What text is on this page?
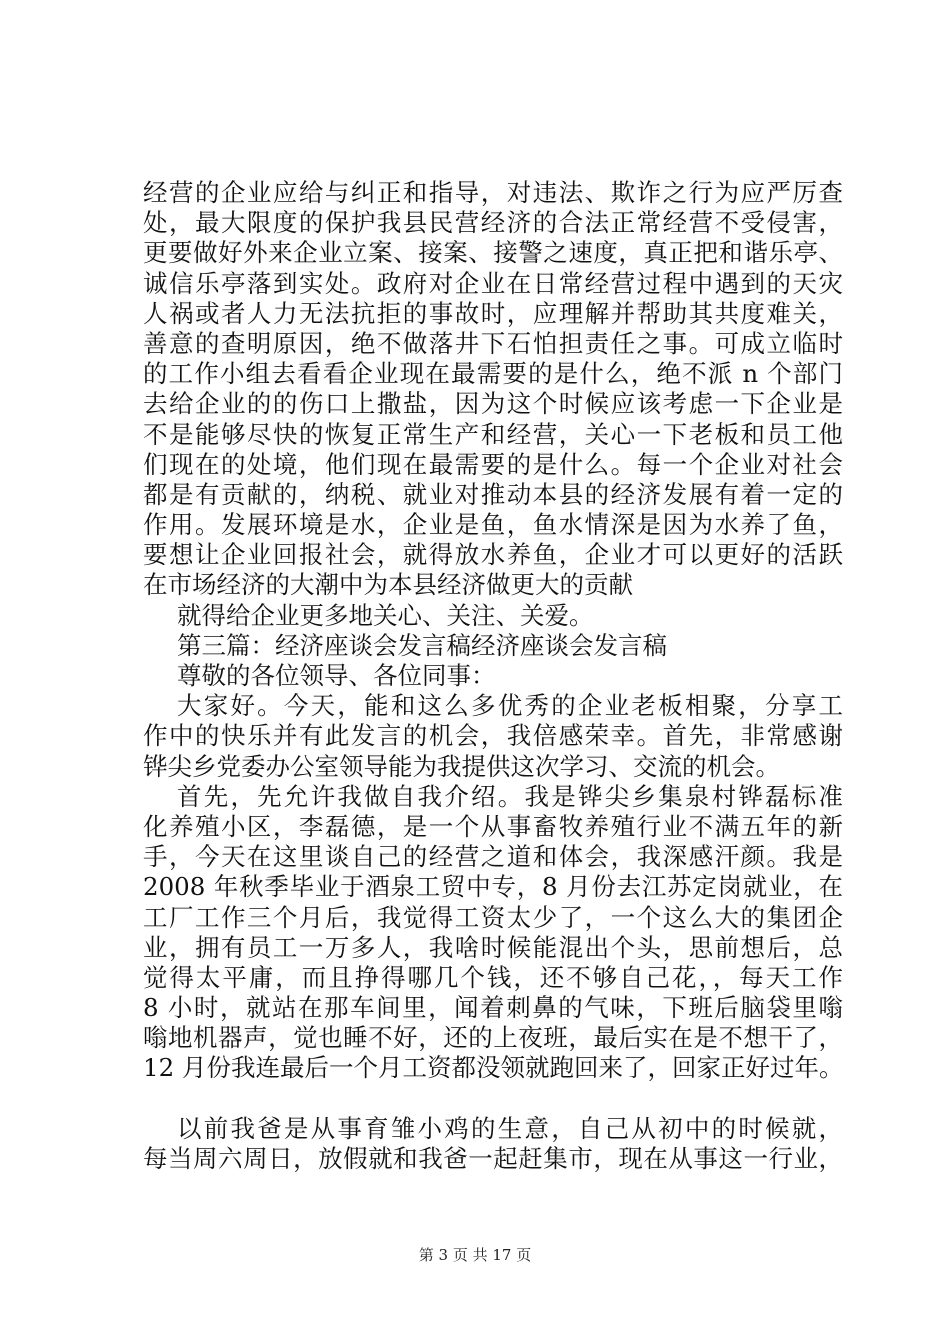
经营的企业应给与纠正和指导，对违法、欺诈之行为应严厉查
处，最大限度的保护我县民营经济的合法正常经营不受侵害，
更要做好外来企业立案、接案、接警之速度，真正把和谐乐亭、
诚信乐亭落到实处。政府对企业在日常经营过程中遇到的天灾
人祸或者人力无法抗拒的事故时，应理解并帮助其共度难关，
善意的查明原因，绝不做落井下石怕担责任之事。可成立临时
的工作小组去看看企业现在最需要的是什么，绝不派 n 个部门
去给企业的的伤口上撒盐，因为这个时候应该考虑一下企业是
不是能够尽快的恢复正常生产和经营，关心一下老板和员工他
们现在的处境，他们现在最需要的是什么。每一个企业对社会
都是有贡献的，纳税、就业对推动本县的经济发展有着一定的
作用。发展环境是水，企业是鱼，鱼水情深是因为水养了鱼，
要想让企业回报社会，就得放水养鱼，企业才可以更好的活跃
在市场经济的大潮中为本县经济做更大的贡献
就得给企业更多地关心、关注、关爱。
第三篇：经济座谈会发言稿经济座谈会发言稿
尊敬的各位领导、各位同事：
大家好。今天，能和这么多优秀的企业老板相聚，分享工
作中的快乐并有此发言的机会，我倍感荣幸。首先，非常感谢
铧尖乡党委办公室领导能为我提供这次学习、交流的机会。
首先，先允许我做自我介绍。我是铧尖乡集泉村铧磊标准
化养殖小区，李磊德，是一个从事畜牧养殖行业不满五年的新
手，今天在这里谈自己的经营之道和体会，我深感汗颜。我是
2008 年秋季毕业于酒泉工贸中专，8 月份去江苏定岗就业，在
工厂工作三个月后，我觉得工资太少了，一个这么大的集团企
业，拥有员工一万多人，我啥时候能混出个头，思前想后，总
觉得太平庸，而且挣得哪几个钱，还不够自己花，，每天工作
8 小时，就站在那车间里，闻着刺鼻的气味，下班后脑袋里嗡
嗡地机器声，觉也睡不好，还的上夜班，最后实在是不想干了，
12 月份我连最后一个月工资都没领就跑回来了，回家正好过年。
以前我爸是从事育雏小鸡的生意，自己从初中的时候就，
每当周六周日，放假就和我爸一起赶集市，现在从事这一行业，
第 3 页 共 17 页
